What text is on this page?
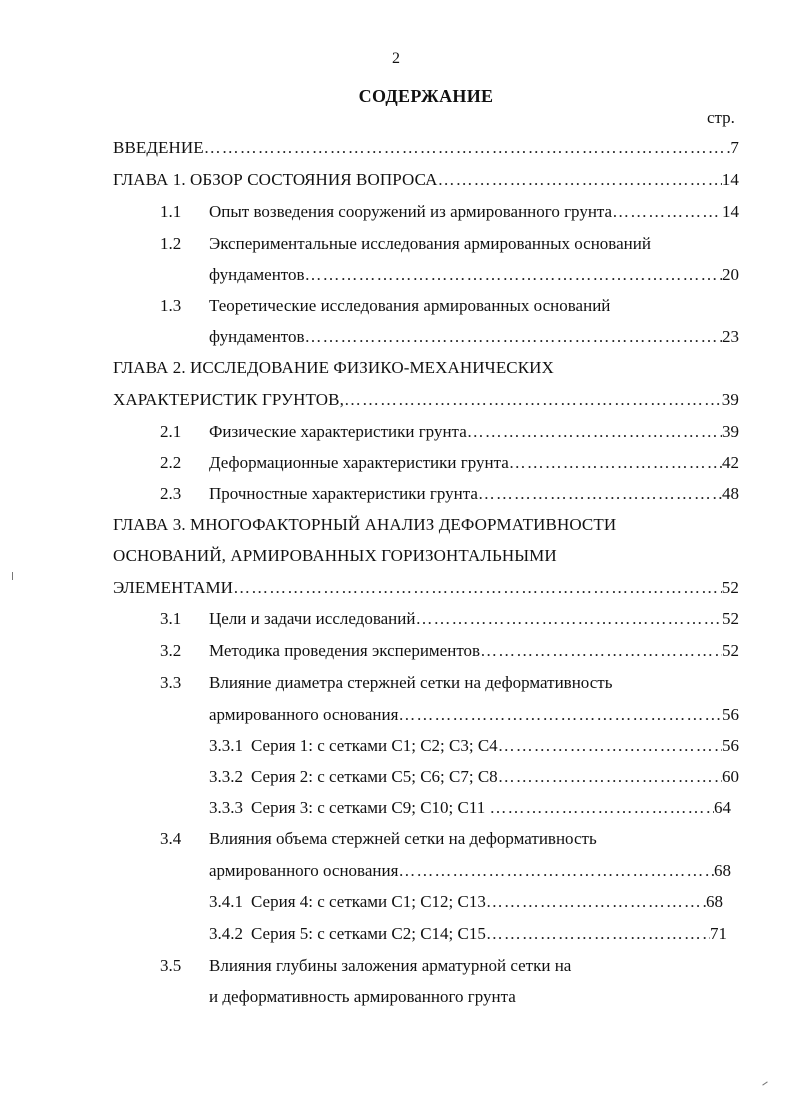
2
СОДЕРЖАНИЕ
стр.
ВВЕДЕНИЕ …………………………………………………………………………………………………………………………………………………………	7
ГЛАВА 1. ОБЗОР СОСТОЯНИЯ ВОПРОСА …………………………………………………………………………………………………………………………………………………………	14
1.1 Опыт возведения сооружений из армированного грунта …………………………………………………………………………………………………………………………………………………………	14
1.2 Экспериментальные исследования армированных оснований
фундаментов …………………………………………………………………………………………………………………………………………………………	20
1.3 Теоретические исследования армированных оснований
фундаментов …………………………………………………………………………………………………………………………………………………………	23
ГЛАВА 2. ИССЛЕДОВАНИЕ ФИЗИКО-МЕХАНИЧЕСКИХ
ХАРАКТЕРИСТИК ГРУНТОВ, …………………………………………………………………………………………………………………………………………………………	39
2.1 Физические характеристики грунта …………………………………………………………………………………………………………………………………………………………	39
2.2 Деформационные характеристики грунта …………………………………………………………………………………………………………………………………………………………	42
2.3 Прочностные характеристики грунта …………………………………………………………………………………………………………………………………………………………	48
ГЛАВА 3. МНОГОФАКТОРНЫЙ АНАЛИЗ ДЕФОРМАТИВНОСТИ
ОСНОВАНИЙ, АРМИРОВАННЫХ ГОРИЗОНТАЛЬНЫМИ
ЭЛЕМЕНТАМИ …………………………………………………………………………………………………………………………………………………………	52
3.1 Цели и задачи исследований …………………………………………………………………………………………………………………………………………………………	52
3.2 Методика проведения экспериментов …………………………………………………………………………………………………………………………………………………………	52
3.3 Влияние диаметра стержней сетки на деформативность
армированного основания …………………………………………………………………………………………………………………………………………………………	56
3.3.1 Серия 1: с сетками С1; С2; С3; С4 …………………………………………………………………………………………………………………………………………………………	56
3.3.2 Серия 2: с сетками С5; С6; С7; С8 …………………………………………………………………………………………………………………………………………………………	60
3.3.3 Серия 3: с сетками С9; С10; С11 …………………………………………………………………………………………………………………………………………………………	64
3.4 Влияния объема стержней сетки на деформативность
армированного основания …………………………………………………………………………………………………………………………………………………………	68
3.4.1 Серия 4: с сетками С1; С12; С13 …………………………………………………………………………………………………………………………………………………………	68
3.4.2 Серия 5: с сетками С2; С14; С15 …………………………………………………………………………………………………………………………………………………………	71
3.5 Влияния глубины заложения арматурной сетки на
и деформативность армированного грунта
